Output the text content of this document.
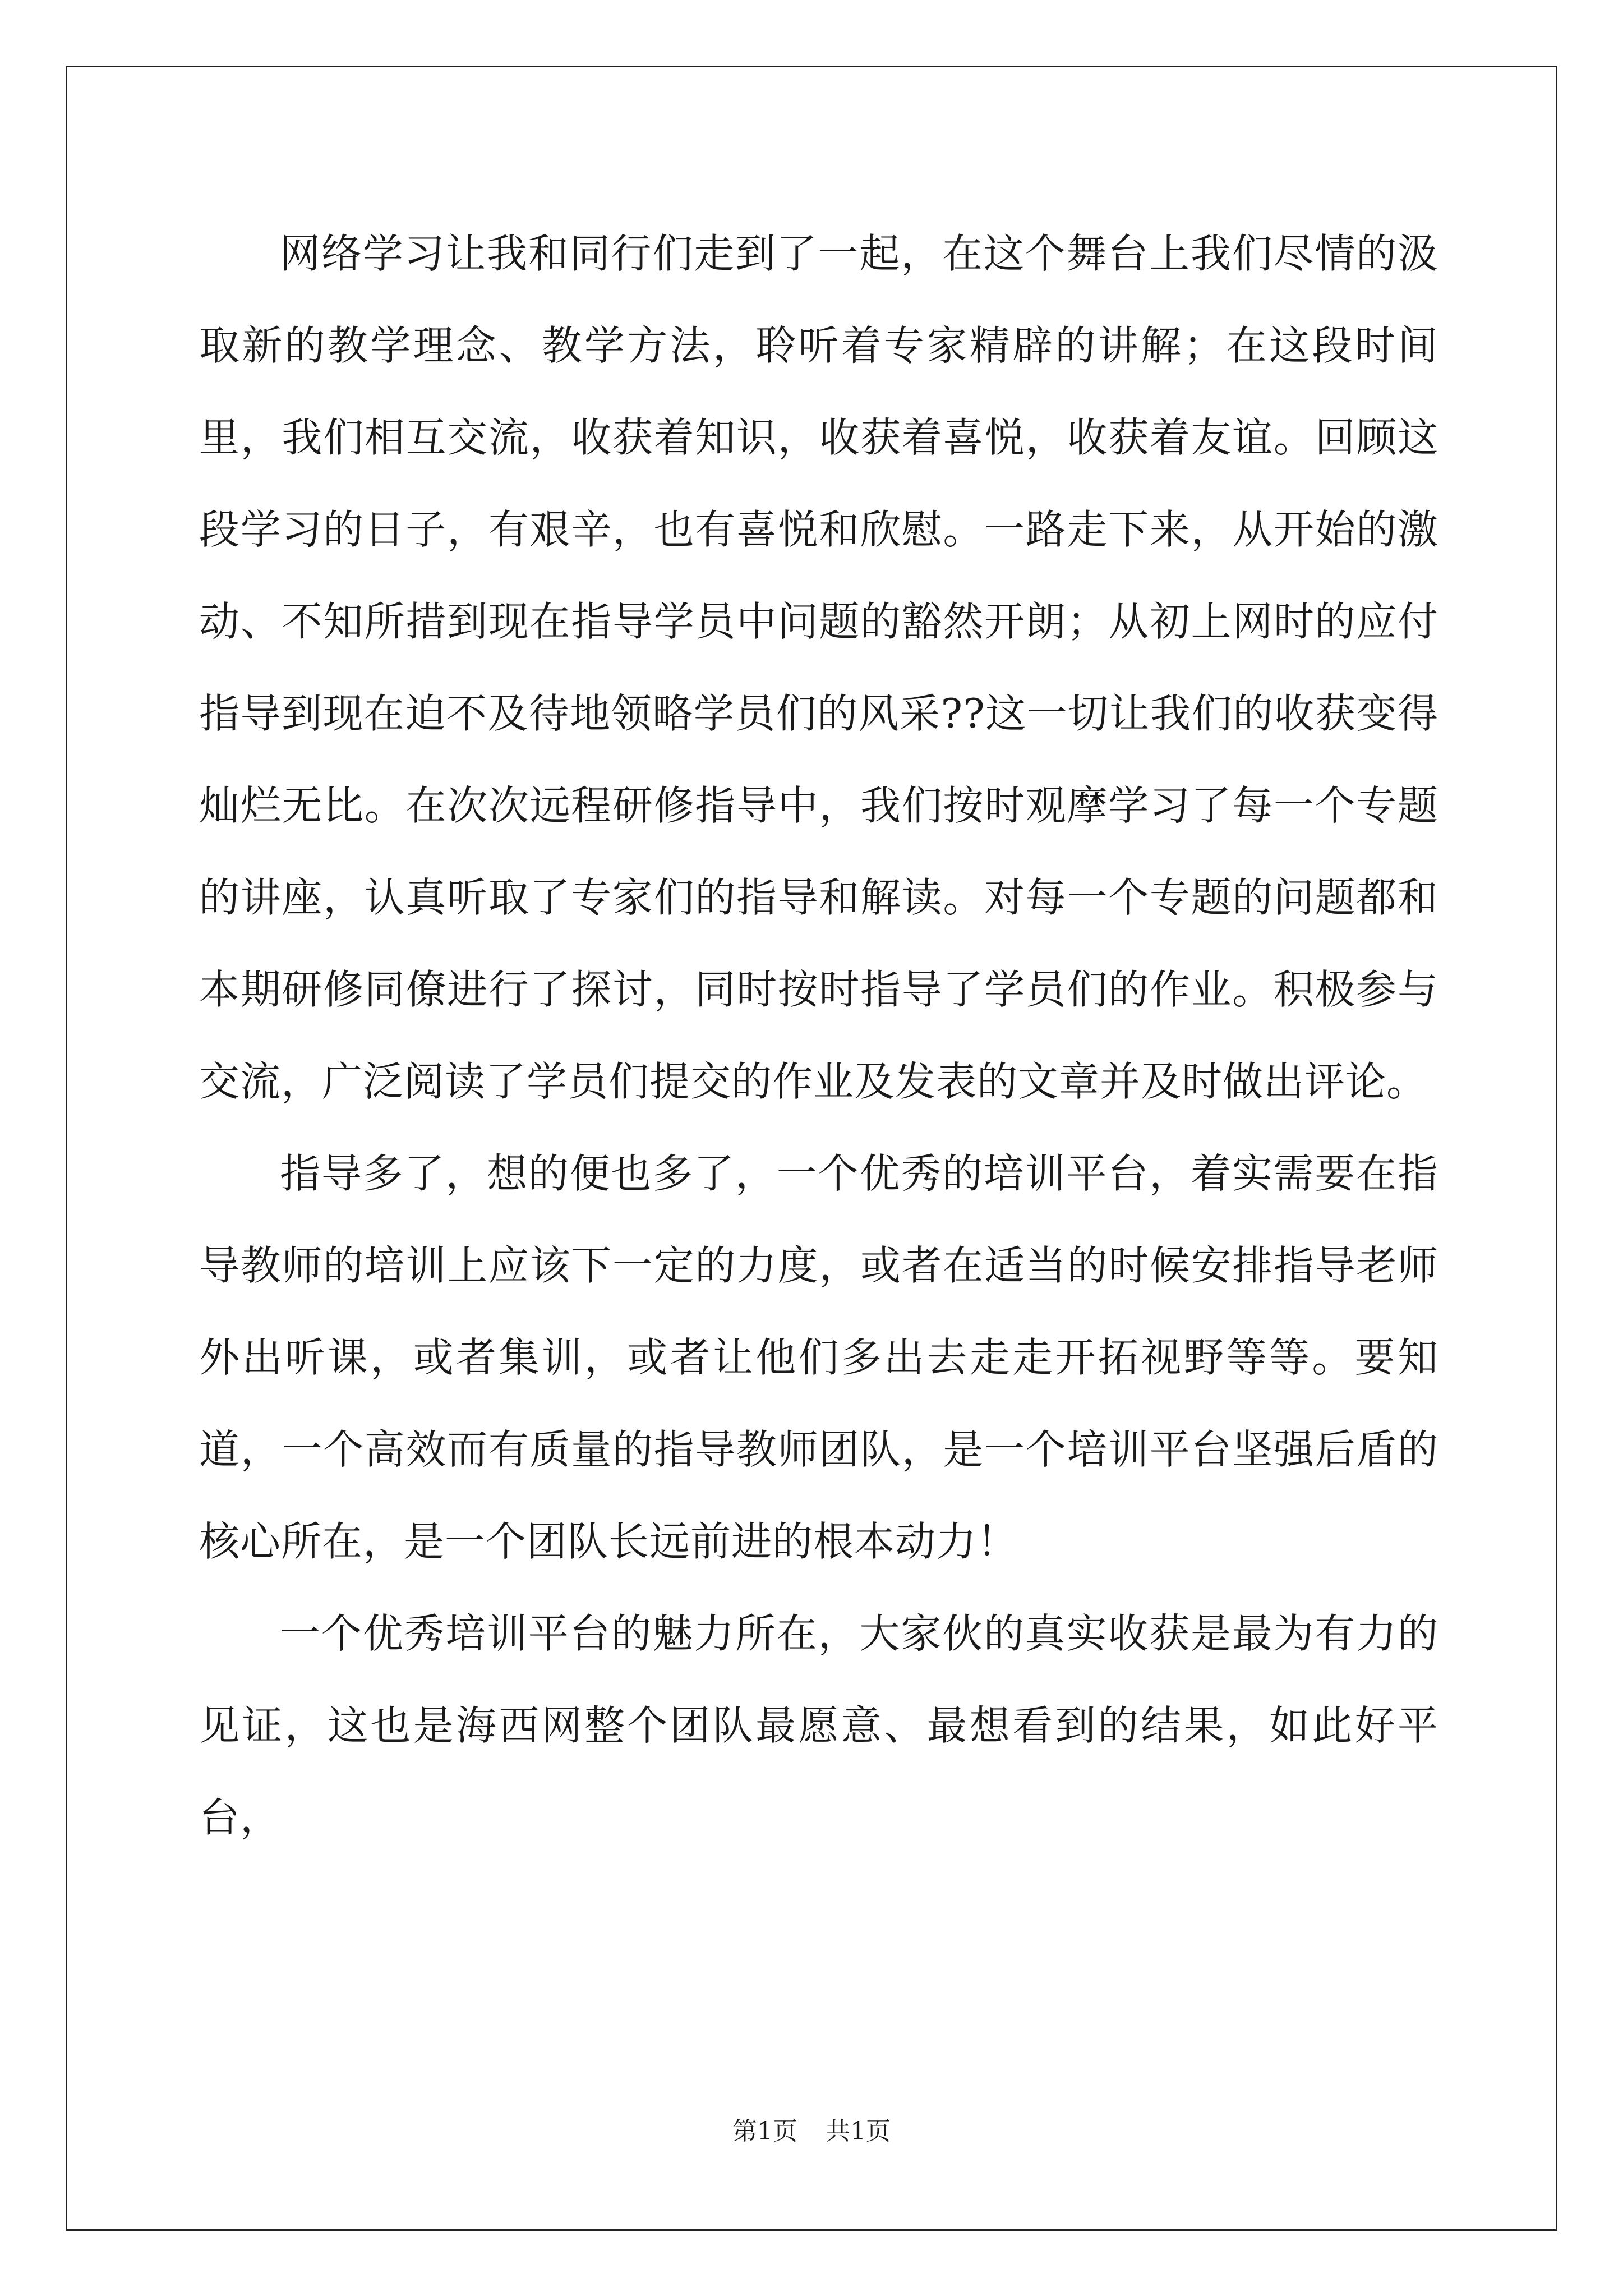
网络学习让我和同行们走到了一起，在这个舞台上我们尽情的汲取新的教学理念、教学方法，聆听着专家精辟的讲解；在这段时间里，我们相互交流，收获着知识，收获着喜悦，收获着友谊。回顾这段学习的日子，有艰辛，也有喜悦和欣慰。一路走下来，从开始的激动、不知所措到现在指导学员中问题的豁然开朗；从初上网时的应付指导到现在迫不及待地领略学员们的风采??这一切让我们的收获变得灿烂无比。在次次远程研修指导中，我们按时观摩学习了每一个专题的讲座，认真听取了专家们的指导和解读。对每一个专题的问题都和本期研修同僚进行了探讨，同时按时指导了学员们的作业。积极参与交流，广泛阅读了学员们提交的作业及发表的文章并及时做出评论。

指导多了，想的便也多了，一个优秀的培训平台，着实需要在指导教师的培训上应该下一定的力度，或者在适当的时候安排指导老师外出听课，或者集训，或者让他们多出去走走开拓视野等等。要知道，一个高效而有质量的指导教师团队，是一个培训平台坚强后盾的核心所在，是一个团队长远前进的根本动力！

一个优秀培训平台的魅力所在，大家伙的真实收获是最为有力的见证，这也是海西网整个团队最愿意、最想看到的结果，如此好平台，

第1页 共1页
